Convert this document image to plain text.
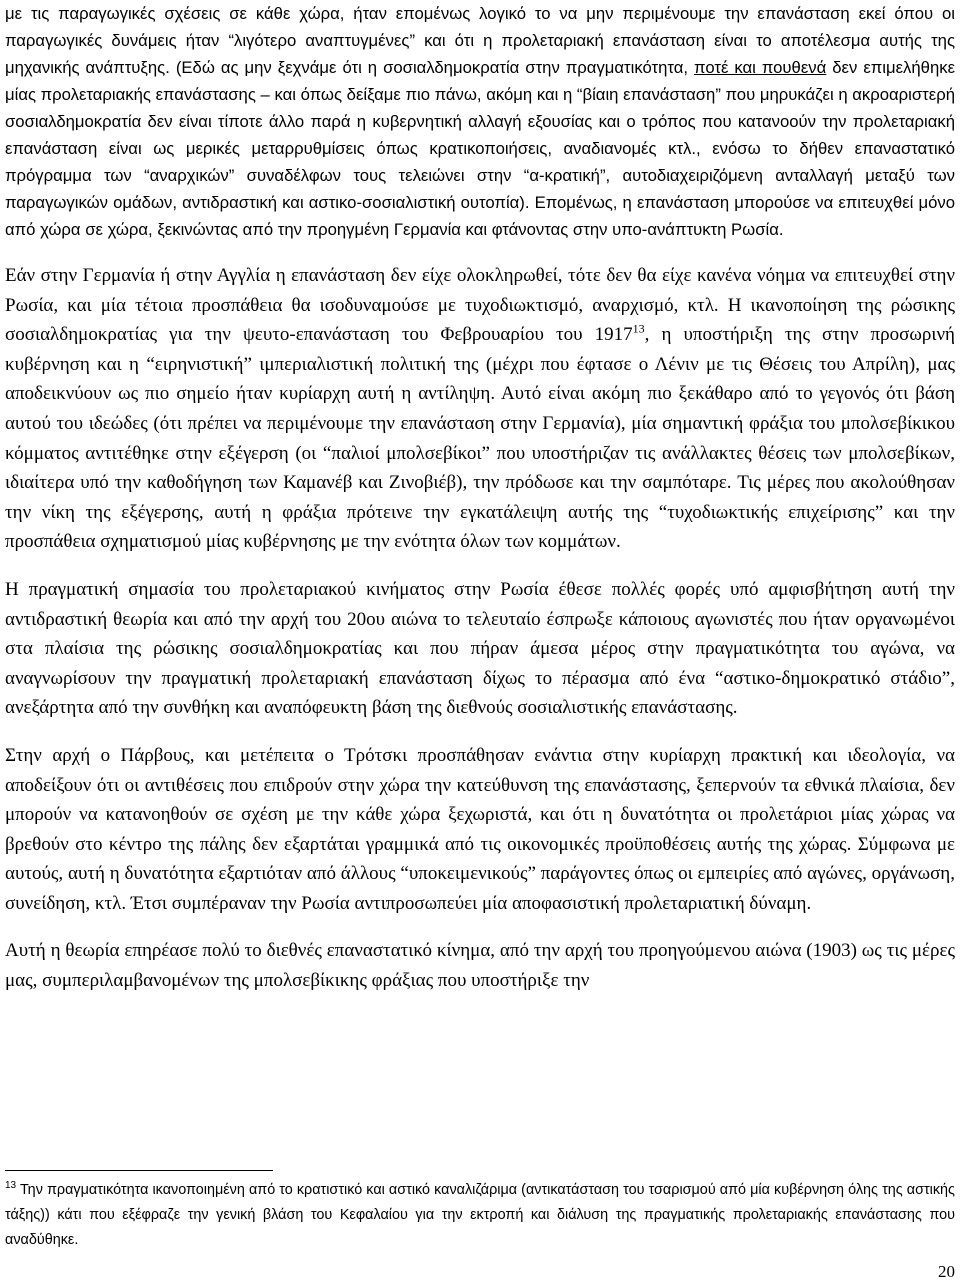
με τις παραγωγικές σχέσεις σε κάθε χώρα, ήταν επομένως λογικό το να μην περιμένουμε την επανάσταση εκεί όπου οι παραγωγικές δυνάμεις ήταν “λιγότερο αναπτυγμένες” και ότι η προλεταριακή επανάσταση είναι το αποτέλεσμα αυτής της μηχανικής ανάπτυξης. (Εδώ ας μην ξεχνάμε ότι η σοσιαλδημοκρατία στην πραγματικότητα, ποτέ και πουθενά δεν επιμελήθηκε μίας προλεταριακής επανάστασης – και όπως δείξαμε πιο πάνω, ακόμη και η “βίαιη επανάσταση” που μηρυκάζει η ακροαριστερή σοσιαλδημοκρατία δεν είναι τίποτε άλλο παρά η κυβερνητική αλλαγή εξουσίας και ο τρόπος που κατανοούν την προλεταριακή επανάσταση είναι ως μερικές μεταρρυθμίσεις όπως κρατικοποιήσεις, αναδιανομές κτλ., ενόσω το δήθεν επαναστατικό πρόγραμμα των “αναρχικών” συναδέλφων τους τελειώνει στην “α-κρατική”, αυτοδιαχειριζόμενη ανταλλαγή μεταξύ των παραγωγικών ομάδων, αντιδραστική και αστικο-σοσιαλιστική ουτοπία). Επομένως, η επανάσταση μπορούσε να επιτευχθεί μόνο από χώρα σε χώρα, ξεκινώντας από την προηγμένη Γερμανία και φτάνοντας στην υπο-ανάπτυκτη Ρωσία.

Εάν στην Γερμανία ή στην Αγγλία η επανάσταση δεν είχε ολοκληρωθεί, τότε δεν θα είχε κανένα νόημα να επιτευχθεί στην Ρωσία, και μία τέτοια προσπάθεια θα ισοδυναμούσε με τυχοδιωκτισμό, αναρχισμό, κτλ. Η ικανοποίηση της ρώσικης σοσιαλδημοκρατίας για την ψευτο-επανάσταση του Φεβρουαρίου του 1917$^{13}$, η υποστήριξη της στην προσωρινή κυβέρνηση και η “ειρηνιστική” ιμπεριαλιστική πολιτική της (μέχρι που έφτασε ο Λένιν με τις Θέσεις του Απρίλη), μας αποδεικνύουν ως πιο σημείο ήταν κυρίαρχη αυτή η αντίληψη. Αυτό είναι ακόμη πιο ξεκάθαρο από το γεγονός ότι βάση αυτού του ιδεώδες (ότι πρέπει να περιμένουμε την επανάσταση στην Γερμανία), μία σημαντική φράξια του μπολσεβίκικου κόμματος αντιτέθηκε στην εξέγερση (οι “παλιοί μπολσεβίκοι” που υποστήριζαν τις ανάλλακτες θέσεις των μπολσεβίκων, ιδιαίτερα υπό την καθοδήγηση των Καμανέβ και Ζινοβιέβ), την πρόδωσε και την σαμπόταρε. Τις μέρες που ακολούθησαν την νίκη της εξέγερσης, αυτή η φράξια πρότεινε την εγκατάλειψη αυτής της “τυχοδιωκτικής επιχείρισης” και την προσπάθεια σχηματισμού μίας κυβέρνησης με την ενότητα όλων των κομμάτων.

Η πραγματική σημασία του προλεταριακού κινήματος στην Ρωσία έθεσε πολλές φορές υπό αμφισβήτηση αυτή την αντιδραστική θεωρία και από την αρχή του 20ου αιώνα το τελευταίο έσπρωξε κάποιους αγωνιστές που ήταν οργανωμένοι στα πλαίσια της ρώσικης σοσιαλδημοκρατίας και που πήραν άμεσα μέρος στην πραγματικότητα του αγώνα, να αναγνωρίσουν την πραγματική προλεταριακή επανάσταση δίχως το πέρασμα από ένα “αστικο-δημοκρατικό στάδιο”, ανεξάρτητα από την συνθήκη και αναπόφευκτη βάση της διεθνούς σοσιαλιστικής επανάστασης.

Στην αρχή ο Πάρβους, και μετέπειτα ο Τρότσκι προσπάθησαν ενάντια στην κυρίαρχη πρακτική και ιδεολογία, να αποδείξουν ότι οι αντιθέσεις που επιδρούν στην χώρα την κατεύθυνση της επανάστασης, ξεπερνούν τα εθνικά πλαίσια, δεν μπορούν να κατανοηθούν σε σχέση με την κάθε χώρα ξεχωριστά, και ότι η δυνατότητα οι προλετάριοι μίας χώρας να βρεθούν στο κέντρο της πάλης δεν εξαρτάται γραμμικά από τις οικονομικές προϋποθέσεις αυτής της χώρας. Σύμφωνα με αυτούς, αυτή η δυνατότητα εξαρτιόταν από άλλους “υποκειμενικούς” παράγοντες όπως οι εμπειρίες από αγώνες, οργάνωση, συνείδηση, κτλ. Έτσι συμπέραναν την Ρωσία αντιπροσωπεύει μία αποφασιστική προλεταριατική δύναμη.

Αυτή η θεωρία επηρέασε πολύ το διεθνές επαναστατικό κίνημα, από την αρχή του προηγούμενου αιώνα (1903) ως τις μέρες μας, συμπεριλαμβανομένων της μπολσεβίκικης φράξιας που υποστήριξε την

$^{13}$ Την πραγματικότητα ικανοποιημένη από το κρατιστικό και αστικό καναλιζάριμα (αντικατάσταση του τσαρισμού από μία κυβέρνηση όλης της αστικής τάξης)) κάτι που εξέφραζε την γενική βλάση του Κεφαλαίου για την εκτροπή και διάλυση της πραγματικής προλεταριακής επανάστασης που αναδύθηκε.
20
